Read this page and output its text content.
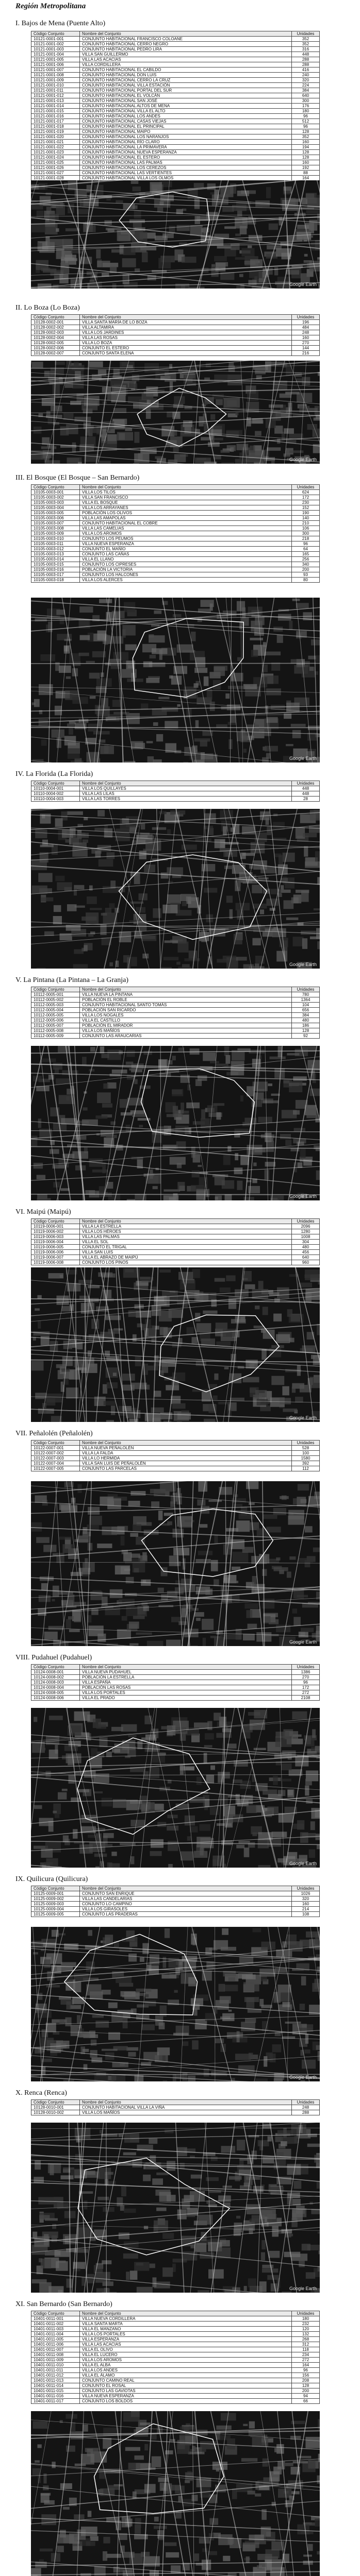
Región Metropolitana
I. Bajos de Mena (Puente Alto)
Código Conjunto	Nombre del Conjunto	Unidades
10121-0001-001	CONJUNTO HABITACIONAL FRANCISCO COLOANE	352
10121-0001-002	CONJUNTO HABITACIONAL CERRO NEGRO	352
10121-0001-003	CONJUNTO HABITACIONAL PEDRO LIRA	316
10121-0001-004	VILLA SAN GUILLERMO	448
10121-0001-005	VILLA LAS ACACIAS	288
10121-0001-006	VILLA CORDILLERA	288
10121-0001-007	CONJUNTO HABITACIONAL EL CABILDO	416
10121-0001-008	CONJUNTO HABITACIONAL DON LUIS	240
10121-0001-009	CONJUNTO HABITACIONAL CERRO LA CRUZ	320
10121-0001-010	CONJUNTO HABITACIONAL VILLA ESTACIÓN	224
10121-0001-011	CONJUNTO HABITACIONAL PORTAL DEL SUR	384
10121-0001-012	CONJUNTO HABITACIONAL EL VOLCÁN	640
10121-0001-013	CONJUNTO HABITACIONAL SAN JOSÉ	300
10121-0001-014	CONJUNTO HABITACIONAL ALTOS DE MENA	176
10121-0001-015	CONJUNTO HABITACIONAL VILLA EL ALTO	180
10121-0001-016	CONJUNTO HABITACIONAL LOS ANDES	96
10121-0001-017	CONJUNTO HABITACIONAL CASAS VIEJAS	512
10121-0001-018	CONJUNTO HABITACIONAL EL PRINCIPAL	96
10121-0001-019	CONJUNTO HABITACIONAL MAIPO	128
10121-0001-020	CONJUNTO HABITACIONAL LOS NARANJOS	352
10121-0001-021	CONJUNTO HABITACIONAL RÍO CLARO	160
10121-0001-022	CONJUNTO HABITACIONAL LA PRIMAVERA	194
10121-0001-023	CONJUNTO HABITACIONAL NUEVA ESPERANZA	128
10121-0001-024	CONJUNTO HABITACIONAL EL ESTERO	128
10121-0001-025	CONJUNTO HABITACIONAL LAS PALMAS	160
10121-0001-026	CONJUNTO HABITACIONAL LOS CEREZOS	192
10121-0001-027	CONJUNTO HABITACIONAL LAS VERTIENTES	88
10121-0001-028	CONJUNTO HABITACIONAL VILLA LOS OLMOS	164

Google Earth
II. Lo Boza (Lo Boza)
Código Conjunto	Nombre del Conjunto	Unidades
10128-0002-001	VILLA SANTA MARÍA DE LO BOZA	196
10128-0002-002	VILLA ALTAMIRA	484
10128-0002-003	VILLA LOS JARDINES	248
10128-0002-004	VILLA LAS ROSAS	160
10128-0002-005	VILLA LO BOZA	270
10128-0002-006	CONJUNTO EL ESTERO	144
10128-0002-007	CONJUNTO SANTA ELENA	216
Google Earth
III. El Bosque (El Bosque – San Bernardo)
Código Conjunto	Nombre del Conjunto	Unidades
10105-0003-001	VILLA LOS TILOS	624
10105-0003-002	VILLA SAN FRANCISCO	172
10105-0003-003	VILLA EL BOSQUE	230
10105-0003-004	VILLA LOS ARRAYANES	152
10105-0003-005	POBLACIÓN LOS OLIVOS	190
10105-0003-006	VILLA LAS AMAPOLAS	140
10105-0003-007	CONJUNTO HABITACIONAL EL COBRE	210
10105-0003-008	VILLA LAS CAMELIAS	106
10105-0003-009	VILLA LOS AROMOS	300
10105-0003-010	CONJUNTO LOS PEUMOS	218
10105-0003-011	VILLA NUEVA ESPERANZA	96
10105-0003-012	CONJUNTO EL MAÑÍO	64
10105-0003-013	CONJUNTO LAS CAÑAS	165
10105-0003-014	VILLA EL LLANO	256
10105-0003-015	CONJUNTO LOS CIPRESES	340
10105-0003-016	POBLACIÓN LA VICTORIA	200
10105-0003-017	CONJUNTO LOS HALCONES	93
10105-0003-018	VILLA LOS ALERCES	80
Google Earth
IV. La Florida (La Florida)
Código Conjunto	Nombre del Conjunto	Unidades
10110-0004-001	VILLA LOS QUILLAYES	448
10110-0004-002	VILLA LAS LILAS	448
10110-0004-003	VILLA LAS TORRES	28
Google Earth
V. La Pintana (La Pintana – La Granja)
Código Conjunto	Nombre del Conjunto	Unidades
10112-0005-001	VILLA NUEVA LA PINTANA	780
10112-0005-002	POBLACIÓN EL ROBLE	1364
10112-0005-003	CONJUNTO HABITACIONAL SANTO TOMÁS	104
10112-0005-004	POBLACIÓN SAN RICARDO	656
10112-0005-005	VILLA LOS NOGALES	384
10112-0005-006	VILLA EL CASTILLO	480
10112-0005-007	POBLACIÓN EL MIRADOR	186
10112-0005-008	VILLA LOS MAÑÍOS	128
10112-0005-009	CONJUNTO LAS ARAUCARIAS	92
Google Earth
VI. Maipú (Maipú)
Código Conjunto	Nombre del Conjunto	Unidades
10119-0006-001	VILLA LA ESTRELLA	2096
10119-0006-002	VILLA LOS HÉROES	1280
10119-0006-003	VILLA LAS PALMAS	1008
10119-0006-004	VILLA EL SOL	304
10119-0006-005	CONJUNTO EL TRIGAL	480
10119-0006-006	VILLA SAN LUIS	456
10119-0006-007	VILLA EL ABRAZO DE MAIPÚ	640
10119-0006-008	CONJUNTO LOS PINOS	960
Google Earth
VII. Peñalolén (Peñalolén)
Código Conjunto	Nombre del Conjunto	Unidades
10122-0007-001	VILLA NUEVA PEÑALOLÉN	528
10122-0007-002	VILLA LA FALDA	100
10122-0007-003	VILLA LO HERMIDA	1580
10122-0007-004	VILLA SAN LUIS DE PEÑALOLÉN	392
10122-0007-005	CONJUNTO LAS PARCELAS	112
Google Earth
VIII. Pudahuel (Pudahuel)
Código Conjunto	Nombre del Conjunto	Unidades
10124-0008-001	VILLA NUEVA PUDAHUEL	1386
10124-0008-002	POBLACIÓN LA ESTRELLA	270
10124-0008-003	VILLA ESPAÑA	96
10124-0008-004	POBLACIÓN LAS ROSAS	172
10124-0008-005	VILLA LOS PORTALES	272
10124-0008-006	VILLA EL PRADO	2108
Google Earth
IX. Quilicura (Quilicura)
Código Conjunto	Nombre del Conjunto	Unidades
10125-0009-001	CONJUNTO SAN ENRIQUE	1026
10125-0009-002	VILLA LAS CANDELARIAS	320
10125-0009-003	CONJUNTO LO CAMPINO	160
10125-0009-004	VILLA LOS GIRASOLES	214
10125-0009-005	CONJUNTO LAS PRADERAS	108
Google Earth
X. Renca (Renca)
Código Conjunto	Nombre del Conjunto	Unidades
10128-0010-001	CONJUNTO HABITACIONAL VILLA LA VIÑA	248
10128-0010-002	VILLA LOS MAÑÍOS	288
Google Earth
XI. San Bernardo (San Bernardo)
Código Conjunto	Nombre del Conjunto	Unidades
10401-0011-001	VILLA NUEVA CORDILLERA	180
10401-0011-002	VILLA SANTA MARTA	232
10401-0011-003	VILLA EL MANZANO	120
10401-0011-004	VILLA LOS PORTALES	132
10401-0011-005	VILLA ESPERANZA	268
10401-0011-006	VILLA LAS ACACIAS	312
10401-0011-007	VILLA EL OLIVO	118
10401-0011-008	VILLA EL LUCERO	234
10401-0011-009	VILLA LOS AROMOS	272
10401-0011-010	VILLA EL ALBA	164
10401-0011-011	VILLA LOS ANDES	96
10401-0011-012	VILLA EL ÁLAMO	156
10401-0011-013	CONJUNTO CAMINO REAL	208
10401-0011-014	CONJUNTO EL ROSAL	128
10401-0011-015	CONJUNTO LAS GAVIOTAS	200
10401-0011-016	VILLA NUEVA ESPERANZA	94
10401-0011-017	CONJUNTO LOS BOLDOS	66
